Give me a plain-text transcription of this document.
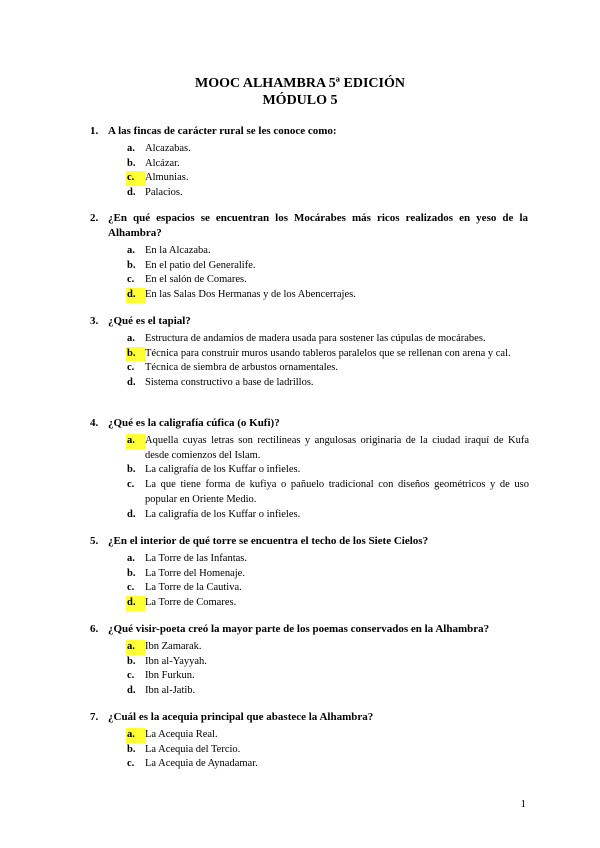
MOOC ALHAMBRA 5ª EDICIÓN
MÓDULO 5
1. A las fincas de carácter rural se les conoce como:
a. Alcazabas.
b. Alcázar.
c.	Almunias.
d. Palacios.
2. ¿En qué espacios se encuentran los Mocárabes más ricos realizados en yeso de la Alhambra?
a. En la Alcazaba.
b. En el patio del Generalife.
c.	En el salón de Comares.
d. En las Salas Dos Hermanas y de los Abencerrajes.
3. ¿Qué es el tapial?
a. Estructura de andamios de madera usada para sostener las cúpulas de mocárabes.
b. Técnica para construir muros usando tableros paralelos que se rellenan con arena y cal.
c.	Técnica de siembra de arbustos ornamentales.
d. Sistema constructivo a base de ladrillos.
4. ¿Qué es la caligrafía cúfica (o Kufi)?
a. Aquella cuyas letras son rectilíneas y angulosas originaria de la ciudad iraquí de Kufa desde comienzos del Islam.
b. La caligrafía de los Kuffar o infieles.
c.	La que tiene forma de kufiya o pañuelo tradicional con diseños geométricos y de uso popular en Oriente Medio.
d. La caligrafía de los Kuffar o infieles.
5. ¿En el interior de qué torre se encuentra el techo de los Siete Cielos?
a. La Torre de las Infantas.
b. La Torre del Homenaje.
c.	La Torre de la Cautiva.
d. La Torre de Comares.
6. ¿Qué visir-poeta creó la mayor parte de los poemas conservados en la Alhambra?
a. Ibn Zamarak.
b. Ibn al-Yayyah.
c.	Ibn Furkun.
d. Ibn al-Jatib.
7. ¿Cuál es la acequia principal que abastece la Alhambra?
a. La Acequia Real.
b. La Acequia del Tercio.
c.	La Acequia de Aynadamar.
1
